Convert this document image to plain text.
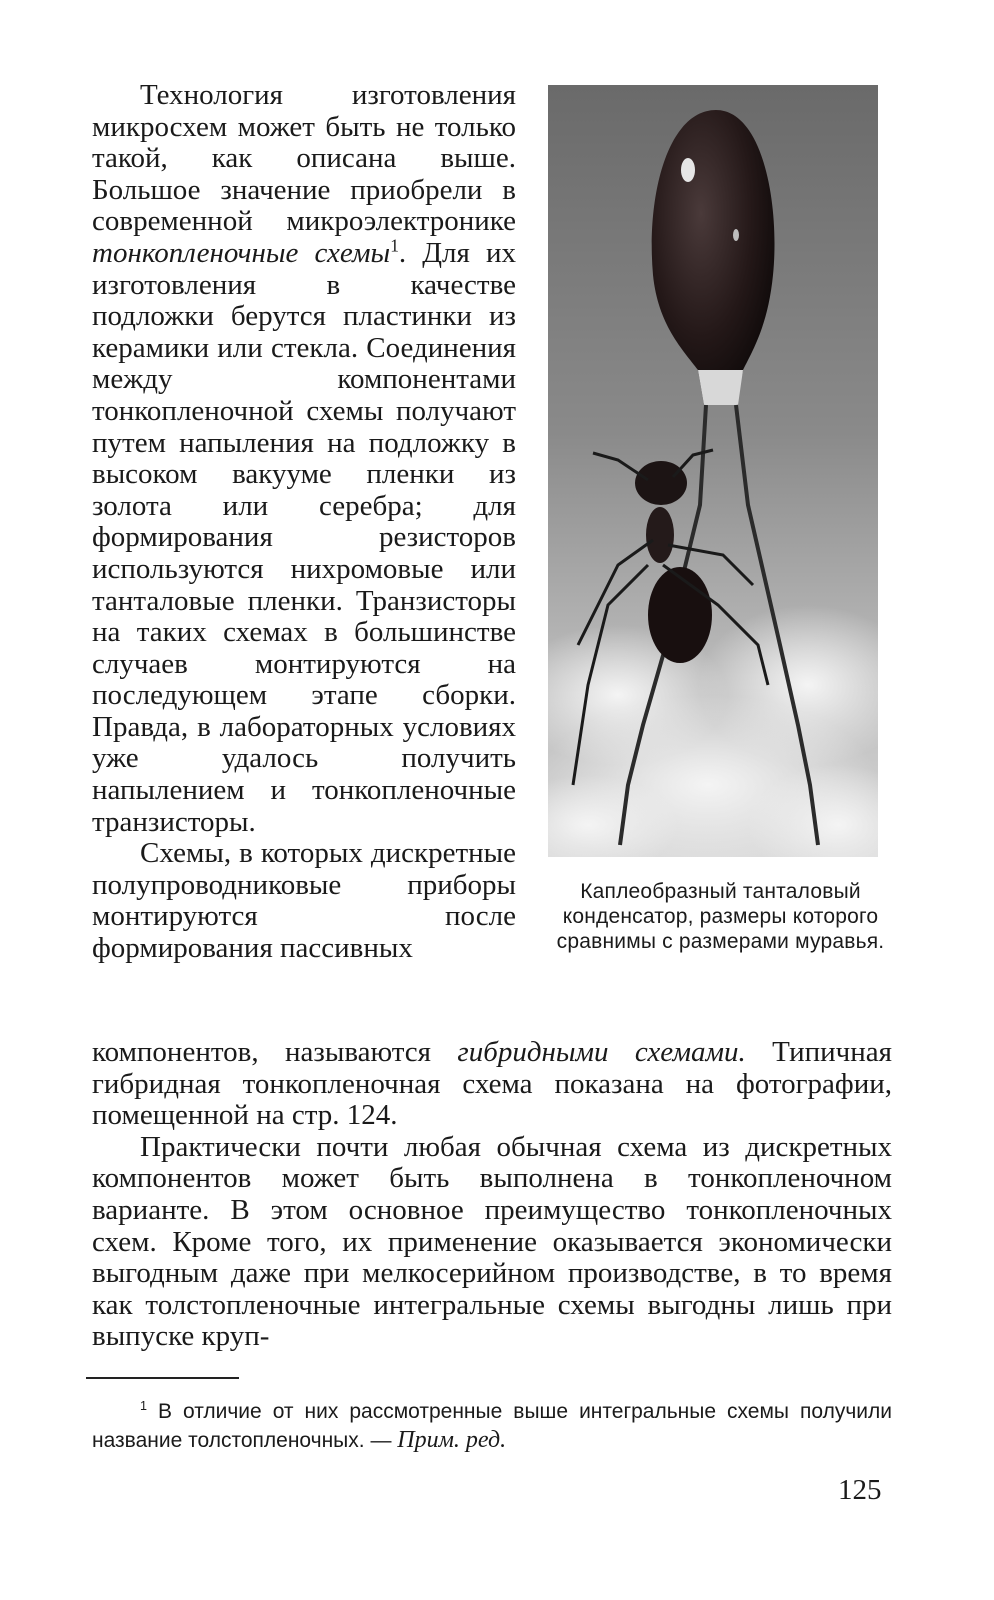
Технология изготовления микросхем может быть не только такой, как описана выше. Большое значение приобрели в современной микроэлектронике тонкопленочные схемы$^1$. Для их изготовления в качестве подложки берутся пластинки из керамики или стекла. Соединения между компонентами тонкопленочной схемы получают путем напыления на подложку в высоком вакууме пленки из золота или серебра; для формирования резисторов используются нихромовые или танталовые пленки. Транзисторы на таких схемах в большинстве случаев монтируются на последующем этапе сборки. Правда, в лабораторных условиях уже удалось получить напылением и тонкопленочные транзисторы.

Схемы, в которых дискретные полупроводниковые приборы монтируются после формирования пассивных

Каплеобразный танталовый конденсатор, размеры которого сравнимы с размерами муравья.

компонентов, называются гибридными схемами. Типичная гибридная тонкопленочная схема показана на фотографии, помещенной на стр. 124.

Практически почти любая обычная схема из дискретных компонентов может быть выполнена в тонкопленочном варианте. В этом основное преимущество тонкопленочных схем. Кроме того, их применение оказывается экономически выгодным даже при мелкосерийном производстве, в то время как толстопленочные интегральные схемы выгодны лишь при выпуске круп-

$^1$ В отличие от них рассмотренные выше интегральные схемы получили название толстопленочных. — Прим. ред.

125
